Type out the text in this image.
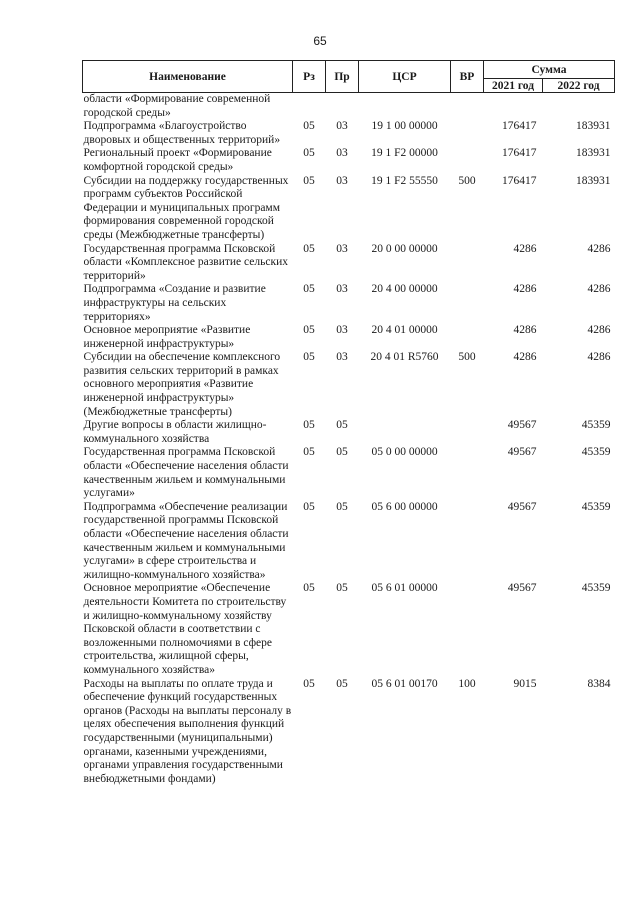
65
Наименование	Рз	Пр	ЦСР	ВР	Сумма	
					2021 год	2022 год
области «Формирование современной городской среды»						
Подпрограмма «Благоустройство дворовых и общественных территорий»	05	03	19 1 00 00000		176417	183931
Региональный проект «Формирование комфортной городской среды»	05	03	19 1 F2 00000		176417	183931
Субсидии на поддержку государственных программ субъектов Российской Федерации и муниципальных программ формирования современной городской среды (Межбюджетные трансферты)	05	03	19 1 F2 55550	500	176417	183931
Государственная программа Псковской области «Комплексное развитие сельских территорий»	05	03	20 0 00 00000		4286	4286
Подпрограмма «Создание и развитие инфраструктуры на сельских территориях»	05	03	20 4 00 00000		4286	4286
Основное мероприятие «Развитие инженерной инфраструктуры»	05	03	20 4 01 00000		4286	4286
Субсидии на обеспечение комплексного развития сельских территорий в рамках основного мероприятия «Развитие инженерной инфраструктуры» (Межбюджетные трансферты)	05	03	20 4 01 R5760	500	4286	4286
Другие вопросы в области жилищно-коммунального хозяйства	05	05			49567	45359
Государственная программа Псковской области «Обеспечение населения области качественным жильем и коммунальными услугами»	05	05	05 0 00 00000		49567	45359
Подпрограмма «Обеспечение реализации государственной программы Псковской области «Обеспечение населения области качественным жильем и коммунальными услугами» в сфере строительства и жилищно-коммунального хозяйства»	05	05	05 6 00 00000		49567	45359
Основное мероприятие «Обеспечение деятельности Комитета по строительству и жилищно-коммунальному хозяйству Псковской области в соответствии с возложенными полномочиями в сфере строительства, жилищной сферы, коммунального хозяйства»	05	05	05 6 01 00000		49567	45359
Расходы на выплаты по оплате труда и обеспечение функций государственных органов (Расходы на выплаты персоналу в целях обеспечения выполнения функций государственными (муниципальными) органами, казенными учреждениями, органами управления государственными внебюджетными фондами)	05	05	05 6 01 00170	100	9015	8384
